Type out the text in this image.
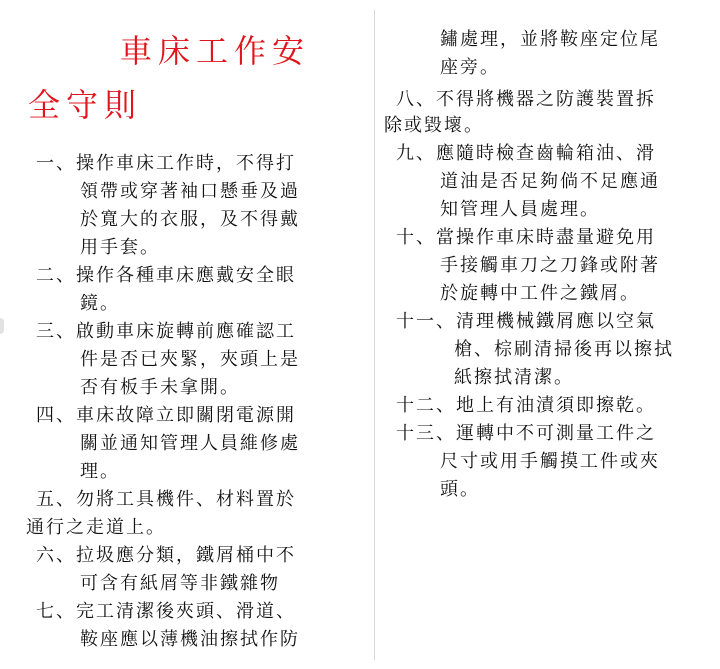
車床工作安
全守則
一、操作車床工作時，不得打
領帶或穿著袖口懸垂及過
於寬大的衣服，及不得戴
用手套。
二、操作各種車床應戴安全眼
鏡。
三、啟動車床旋轉前應確認工
件是否已夾緊，夾頭上是
否有板手未拿開。
四、車床故障立即關閉電源開
關並通知管理人員維修處
理。
五、勿將工具機件、材料置於
通行之走道上。
六、拉圾應分類，鐵屑桶中不
可含有紙屑等非鐵雜物
七、完工清潔後夾頭、滑道、
鞍座應以薄機油擦拭作防
鏽處理，並將鞍座定位尾
座旁。
八、不得將機器之防護裝置拆
除或毀壞。
九、應隨時檢查齒輪箱油、滑
道油是否足夠倘不足應通
知管理人員處理。
十、當操作車床時盡量避免用
手接觸車刀之刀鋒或附著
於旋轉中工件之鐵屑。
十一、清理機械鐵屑應以空氣
槍、棕刷清掃後再以擦拭
紙擦拭清潔。
十二、地上有油漬須即擦乾。
十三、運轉中不可測量工件之
尺寸或用手觸摸工件或夾
頭。
